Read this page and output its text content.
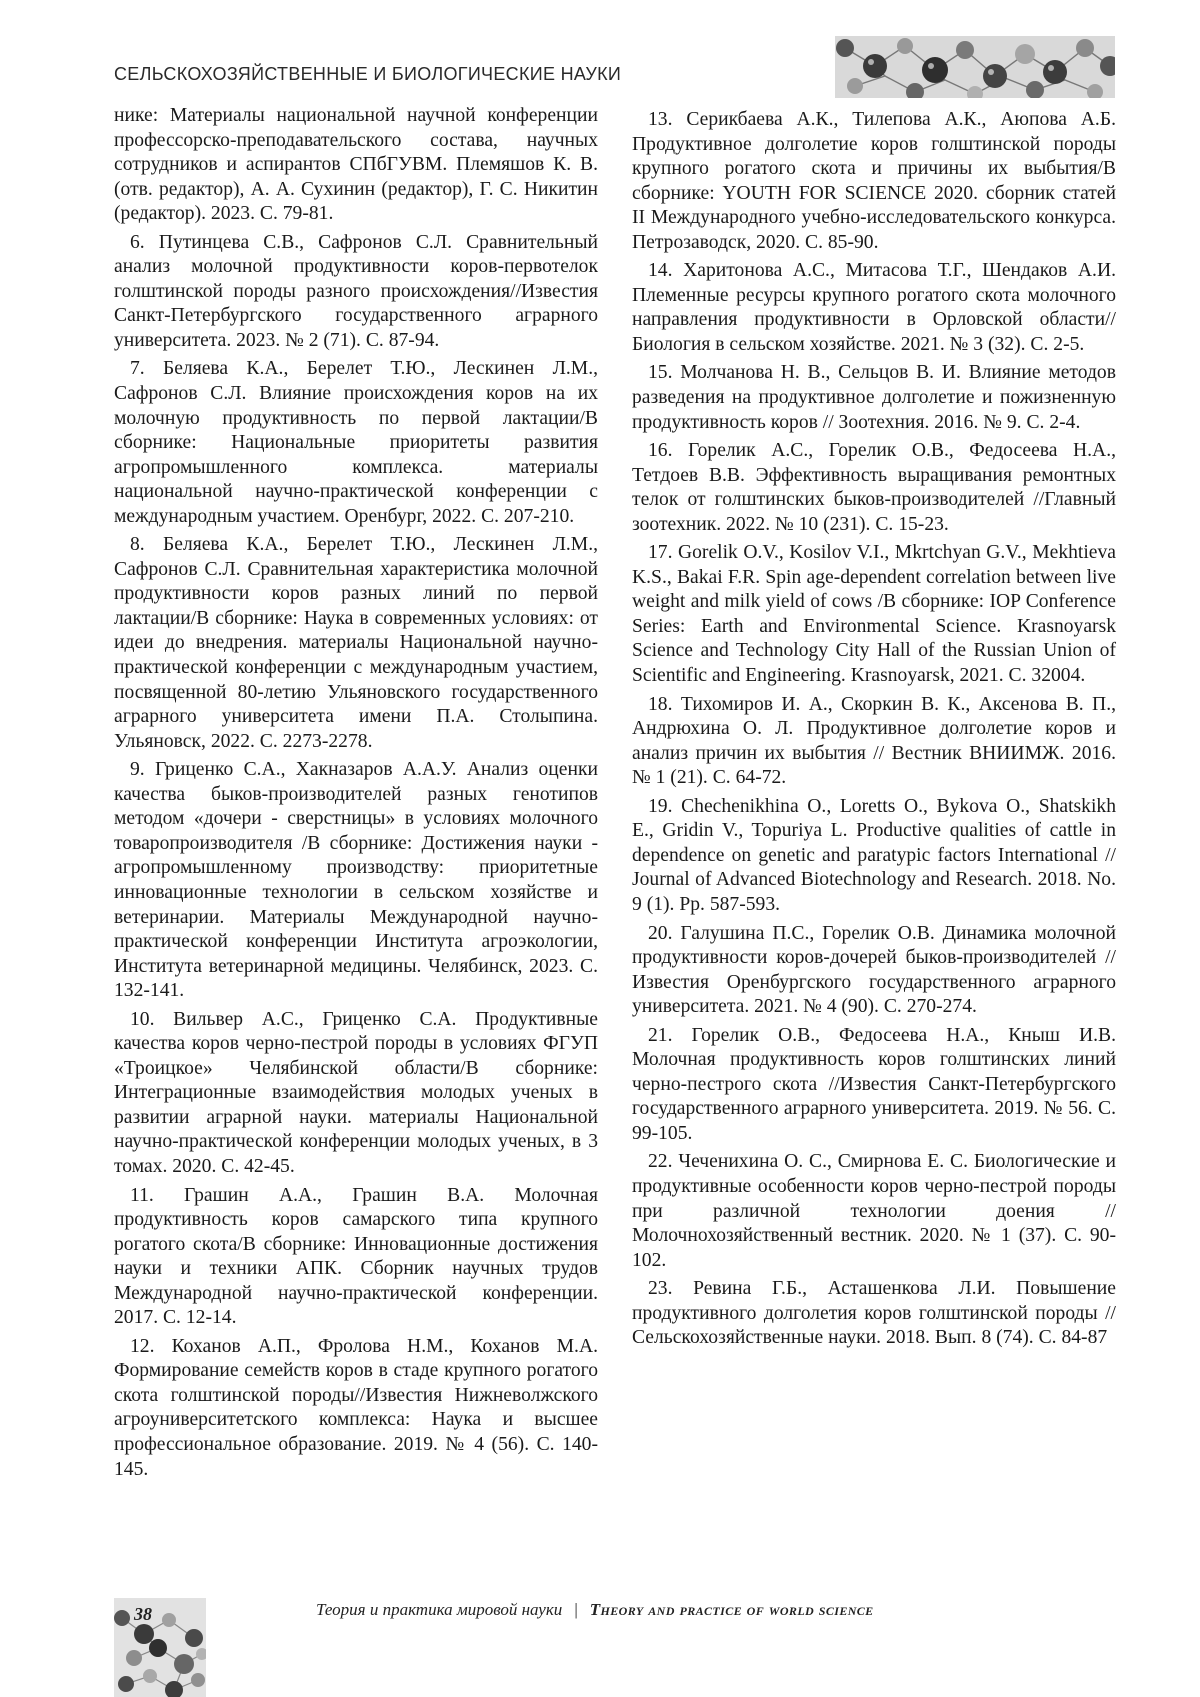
СЕЛЬСКОХОЗЯЙСТВЕННЫЕ И БИОЛОГИЧЕСКИЕ НАУКИ

нике: Материалы национальной научной конференции профессорско-преподавательского состава, научных сотрудников и аспирантов СПбГУВМ. Племяшов К. В. (отв. редактор), А. А. Сухинин (редактор), Г. С. Никитин (редактор). 2023. С. 79-81.

6. Путинцева С.В., Сафронов С.Л. Сравнительный анализ молочной продуктивности коров-первотелок голштинской породы разного происхождения//Известия Санкт-Петербургского государственного аграрного университета. 2023. № 2 (71). С. 87-94.

7. Беляева К.А., Берелет Т.Ю., Лескинен Л.М., Сафронов С.Л. Влияние происхождения коров на их молочную продуктивность по первой лактации/В сборнике: Национальные приоритеты развития агропромышленного комплекса. материалы национальной научно-практической конференции с международным участием. Оренбург, 2022. С. 207-210.

8. Беляева К.А., Берелет Т.Ю., Лескинен Л.М., Сафронов С.Л. Сравнительная характеристика молочной продуктивности коров разных линий по первой лактации/В сборнике: Наука в современных условиях: от идеи до внедрения. материалы Национальной научно-практической конференции с международным участием, посвященной 80-летию Ульяновского государственного аграрного университета имени П.А. Столыпина. Ульяновск, 2022. С. 2273-2278.

9. Гриценко С.А., Хакназаров А.А.У. Анализ оценки качества быков-производителей разных генотипов методом «дочери - сверстницы» в условиях молочного товаропроизводителя /В сборнике: Достижения науки - агропромышленному производству: приоритетные инновационные технологии в сельском хозяйстве и ветеринарии. Материалы Международной научно-практической конференции Института агроэкологии, Института ветеринарной медицины. Челябинск, 2023. С. 132-141.

10. Вильвер А.С., Гриценко С.А. Продуктивные качества коров черно-пестрой породы в условиях ФГУП «Троицкое» Челябинской области/В сборнике: Интеграционные взаимодействия молодых ученых в развитии аграрной науки. материалы Национальной научно-практической конференции молодых ученых, в 3 томах. 2020. С. 42-45.

11. Грашин А.А., Грашин В.А. Молочная продуктивность коров самарского типа крупного рогатого скота/В сборнике: Инновационные достижения науки и техники АПК. Сборник научных трудов Международной научно-практической конференции. 2017. С. 12-14.

12. Коханов А.П., Фролова Н.М., Коханов М.А. Формирование семейств коров в стаде крупного рогатого скота голштинской породы//Известия Нижневолжского агроуниверситетского комплекса: Наука и высшее профессиональное образование. 2019. № 4 (56). С. 140-145.

13. Серикбаева А.К., Тилепова А.К., Аюпова А.Б. Продуктивное долголетие коров голштинской породы крупного рогатого скота и причины их выбытия/В сборнике: YOUTH FOR SCIENCE 2020. сборник статей II Международного учебно-исследовательского конкурса. Петрозаводск, 2020. С. 85-90.

14. Харитонова А.С., Митасова Т.Г., Шендаков А.И. Племенные ресурсы крупного рогатого скота молочного направления продуктивности в Орловской области//Биология в сельском хозяйстве. 2021. № 3 (32). С. 2-5.

15. Молчанова Н. В., Сельцов В. И. Влияние методов разведения на продуктивное долголетие и пожизненную продуктивность коров // Зоотехния. 2016. № 9. С. 2-4.

16. Горелик А.С., Горелик О.В., Федосеева Н.А., Тетдоев В.В. Эффективность выращивания ремонтных телок от голштинских быков-производителей //Главный зоотехник. 2022. № 10 (231). С. 15-23.

17. Gorelik O.V., Kosilov V.I., Mkrtchyan G.V., Mekhtieva K.S., Bakai F.R. Spin age-dependent correlation between live weight and milk yield of cows /В сборнике: IOP Conference Series: Earth and Environmental Science. Krasnoyarsk Science and Technology City Hall of the Russian Union of Scientific and Engineering. Krasnoyarsk, 2021. С. 32004.

18. Тихомиров И. А., Скоркин В. К., Аксенова В. П., Андрюхина О. Л. Продуктивное долголетие коров и анализ причин их выбытия // Вестник ВНИИМЖ. 2016. № 1 (21). С. 64-72.

19. Chechenikhina O., Loretts O., Bykova O., Shatskikh E., Gridin V., Topuriya L. Productive qualities of cattle in dependence on genetic and paratypic factors International // Journal of Advanced Biotechnology and Research. 2018. No. 9 (1). Pp. 587-593.

20. Галушина П.С., Горелик О.В. Динамика молочной продуктивности коров-дочерей быков-производителей //Известия Оренбургского государственного аграрного университета. 2021. № 4 (90). С. 270-274.

21. Горелик О.В., Федосеева Н.А., Кныш И.В. Молочная продуктивность коров голштинских линий черно-пестрого скота //Известия Санкт-Петербургского государственного аграрного университета. 2019. № 56. С. 99-105.

22. Чеченихина О. С., Смирнова Е. С. Биологические и продуктивные особенности коров черно-пестрой породы при различной технологии доения // Молочнохозяйственный вестник. 2020. № 1 (37). С. 90-102.

23. Ревина Г.Б., Асташенкова Л.И. Повышение продуктивного долголетия коров голштинской породы // Сельскохозяйственные науки. 2018. Вып. 8 (74). С. 84-87

38	Теория и практика мировой науки | Theory and practice of world science
